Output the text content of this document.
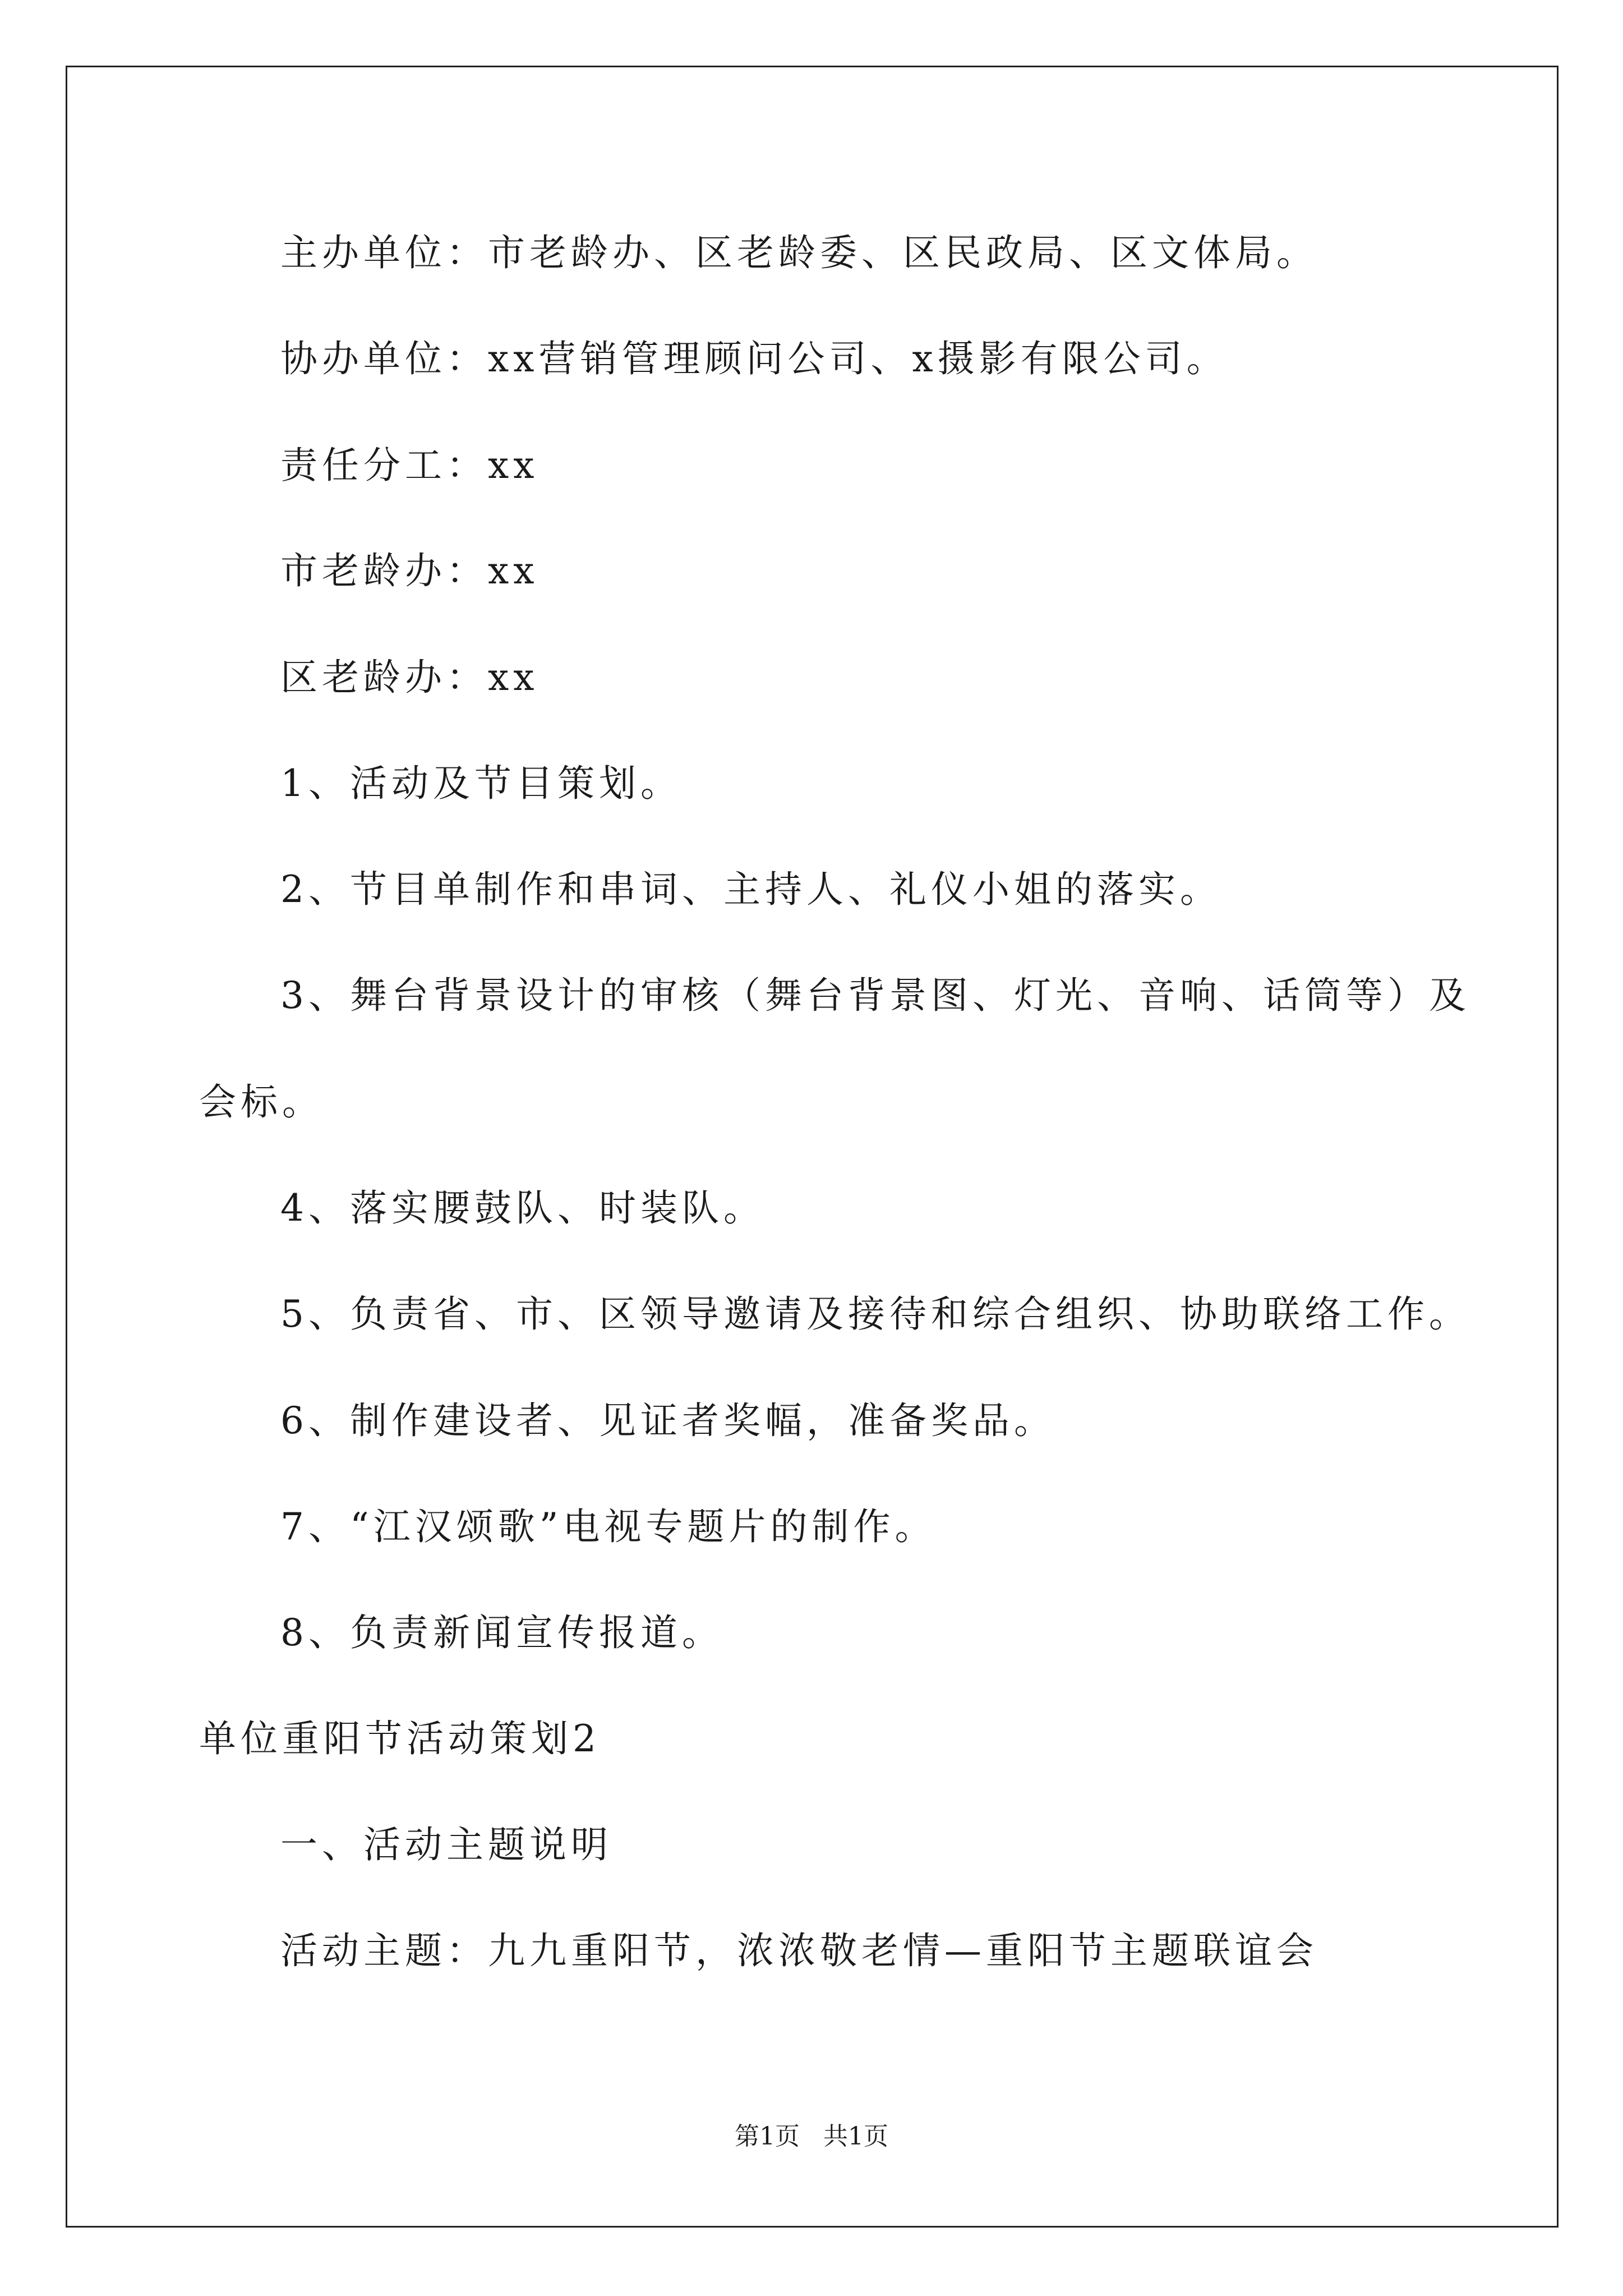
主办单位：市老龄办、区老龄委、区民政局、区文体局。
协办单位：xx营销管理顾问公司、x摄影有限公司。
责任分工：xx
市老龄办：xx
区老龄办：xx
1、活动及节目策划。
2、节目单制作和串词、主持人、礼仪小姐的落实。
3、舞台背景设计的审核（舞台背景图、灯光、音响、话筒等）及
会标。
4、落实腰鼓队、时装队。
5、负责省、市、区领导邀请及接待和综合组织、协助联络工作。
6、制作建设者、见证者奖幅，准备奖品。
7、“江汉颂歌”电视专题片的制作。
8、负责新闻宣传报道。
单位重阳节活动策划2
一、活动主题说明
活动主题：九九重阳节，浓浓敬老情—重阳节主题联谊会
第1页   共1页
